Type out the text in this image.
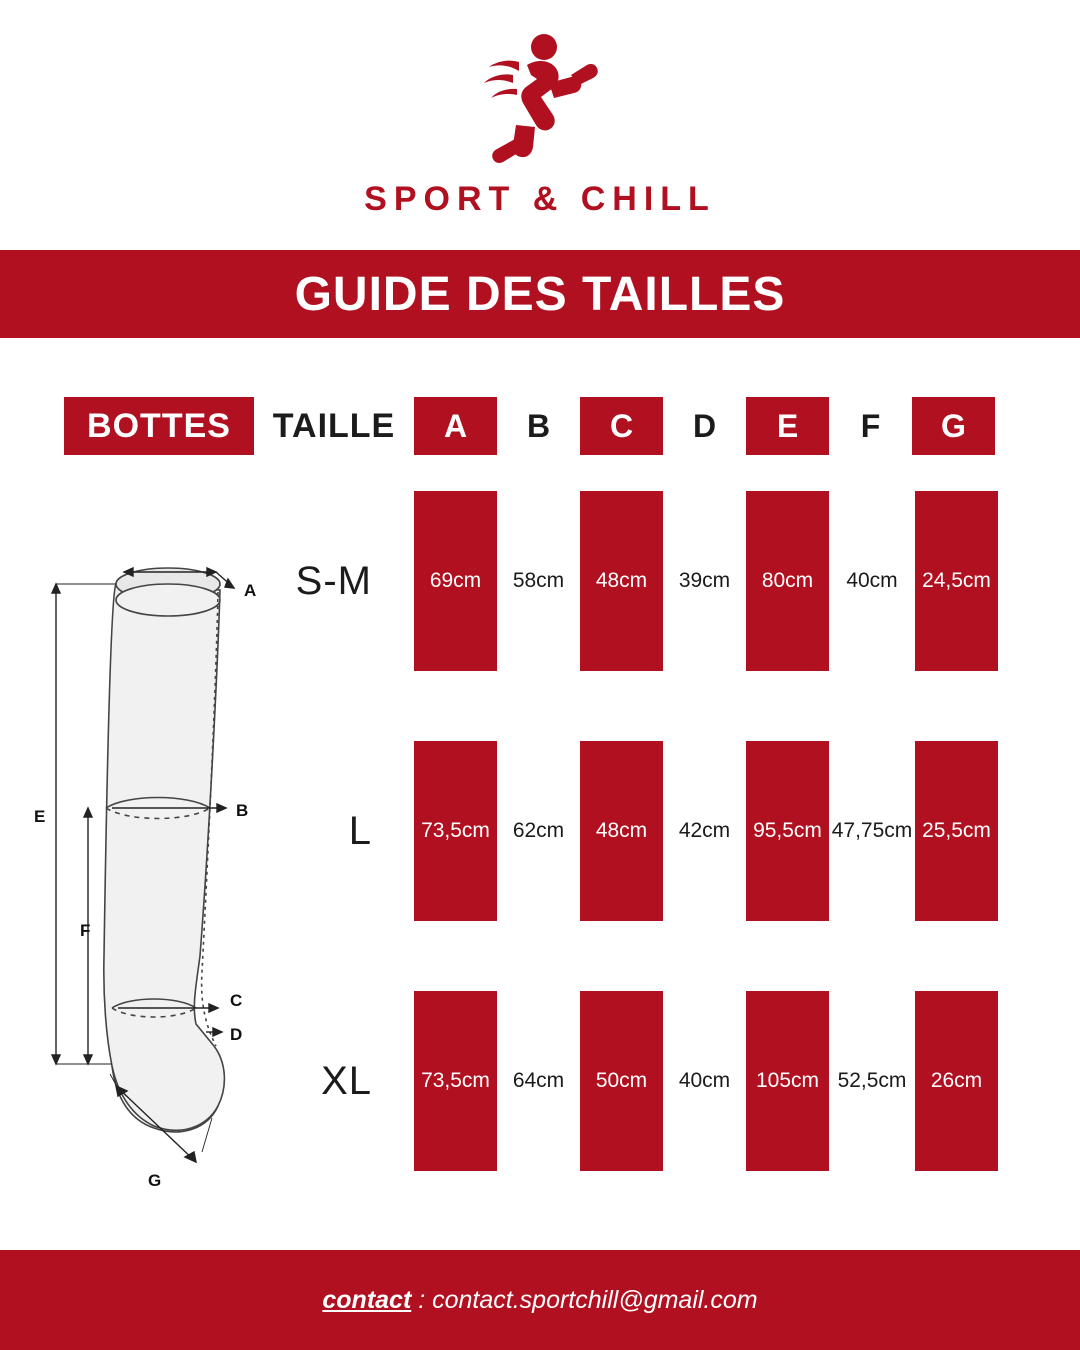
SPORT & CHILL
GUIDE DES TAILLES
BOTTES	TAILLE	A	B	C	D	E	F	G
S-M	69cm	58cm	48cm	39cm	80cm	40cm	24,5cm
L	73,5cm	62cm	48cm	42cm	95,5cm 47,75cm 25,5cm
XL	73,5cm	64cm	50cm	40cm	105cm 52,5cm	26cm
A
B
C
D
E
F
G
contact : contact.sportchill@gmail.com
